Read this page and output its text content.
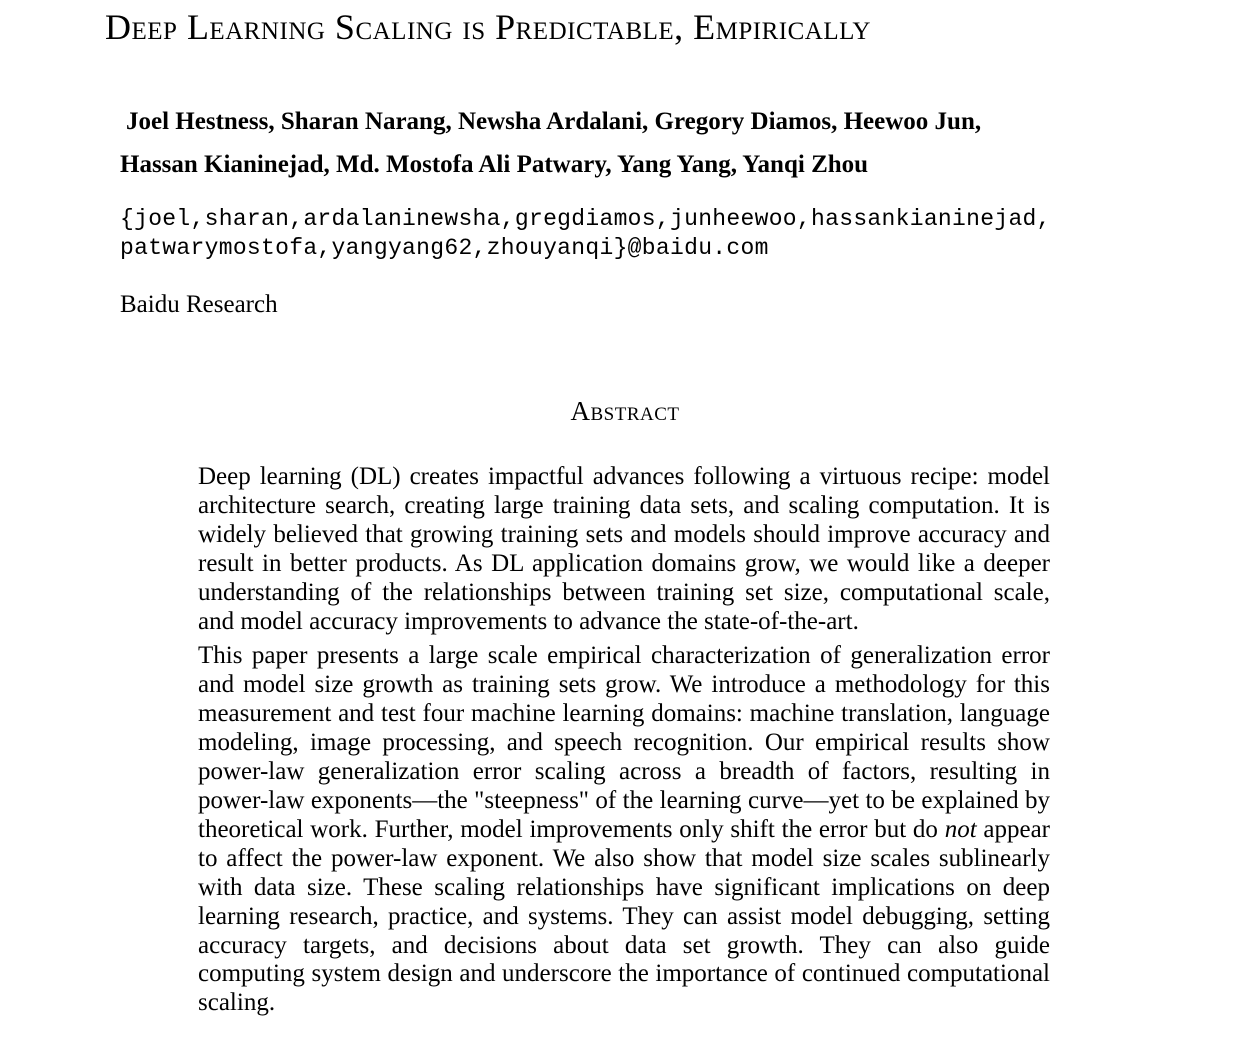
Deep Learning Scaling is Predictable, Empirically
Joel Hestness, Sharan Narang, Newsha Ardalani, Gregory Diamos, Heewoo Jun,
Hassan Kianinejad, Md. Mostofa Ali Patwary, Yang Yang, Yanqi Zhou
{joel,sharan,ardalaninewsha,gregdiamos,junheewoo,hassankianinejad,
patwarymostofa,yangyang62,zhouyanqi}@baidu.com
Baidu Research
Abstract

Deep learning (DL) creates impactful advances following a virtuous recipe: model architecture search, creating large training data sets, and scaling computation. It is widely believed that growing training sets and models should improve accuracy and result in better products. As DL application domains grow, we would like a deeper understanding of the relationships between training set size, computational scale, and model accuracy improvements to advance the state-of-the-art.

This paper presents a large scale empirical characterization of generalization error and model size growth as training sets grow. We introduce a methodology for this measurement and test four machine learning domains: machine translation, language modeling, image processing, and speech recognition. Our empirical results show power-law generalization error scaling across a breadth of factors, resulting in power-law exponents—the "steepness" of the learning curve—yet to be explained by theoretical work. Further, model improvements only shift the error but do not appear to affect the power-law exponent. We also show that model size scales sublinearly with data size. These scaling relationships have significant implications on deep learning research, practice, and systems. They can assist model debugging, setting accuracy targets, and decisions about data set growth. They can also guide computing system design and underscore the importance of continued computational scaling.
